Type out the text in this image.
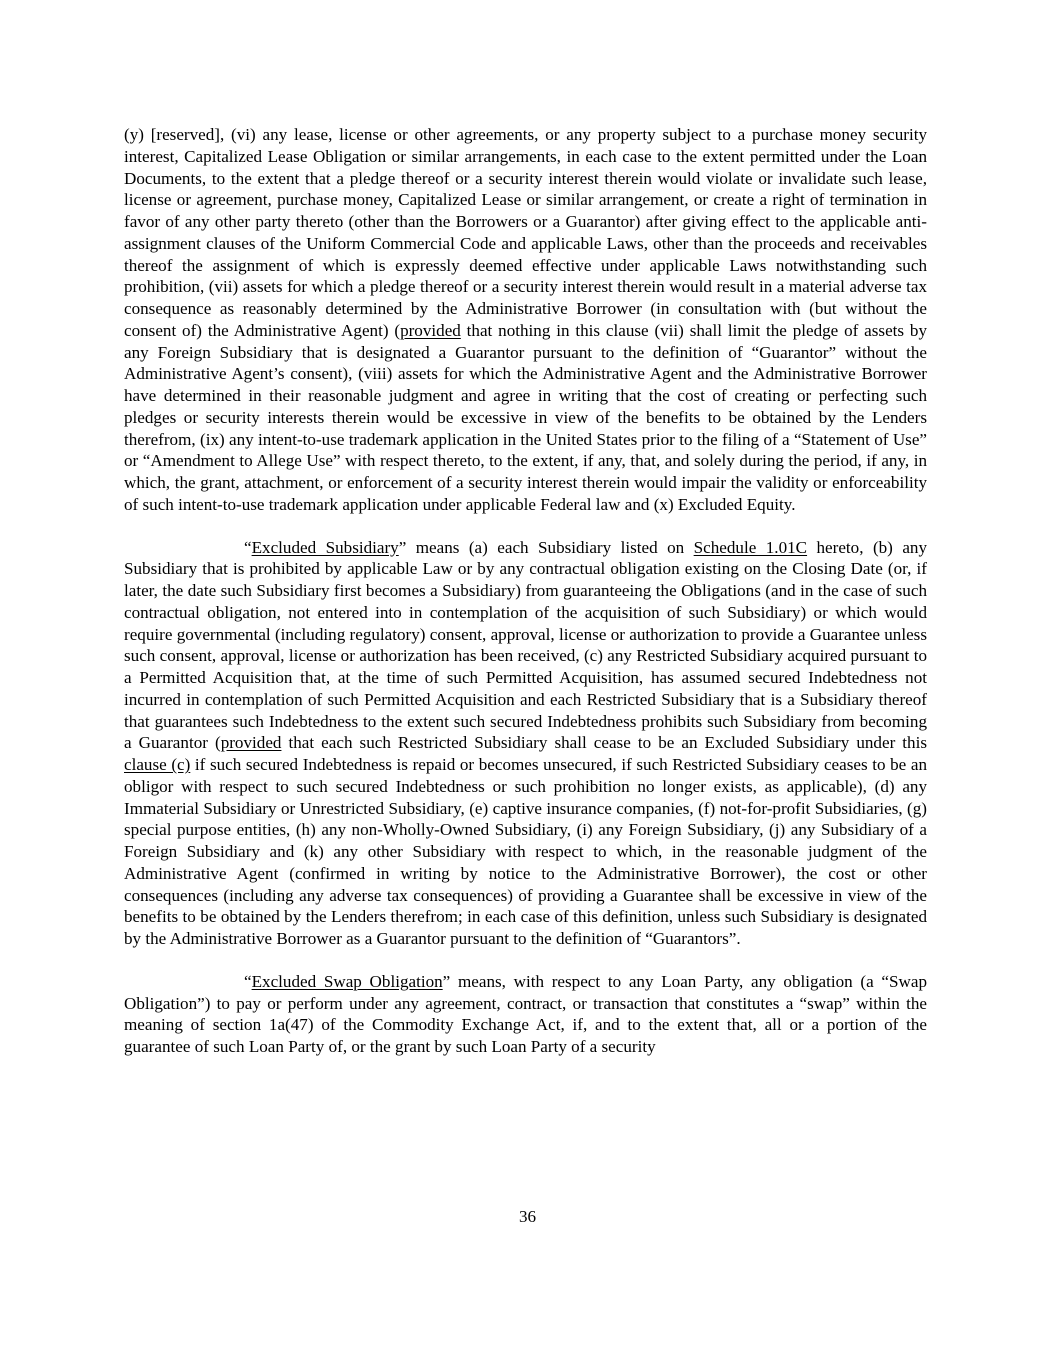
(y) [reserved], (vi) any lease, license or other agreements, or any property subject to a purchase money security interest, Capitalized Lease Obligation or similar arrangements, in each case to the extent permitted under the Loan Documents, to the extent that a pledge thereof or a security interest therein would violate or invalidate such lease, license or agreement, purchase money, Capitalized Lease or similar arrangement, or create a right of termination in favor of any other party thereto (other than the Borrowers or a Guarantor) after giving effect to the applicable anti-assignment clauses of the Uniform Commercial Code and applicable Laws, other than the proceeds and receivables thereof the assignment of which is expressly deemed effective under applicable Laws notwithstanding such prohibition, (vii) assets for which a pledge thereof or a security interest therein would result in a material adverse tax consequence as reasonably determined by the Administrative Borrower (in consultation with (but without the consent of) the Administrative Agent) (provided that nothing in this clause (vii) shall limit the pledge of assets by any Foreign Subsidiary that is designated a Guarantor pursuant to the definition of “Guarantor” without the Administrative Agent’s consent), (viii) assets for which the Administrative Agent and the Administrative Borrower have determined in their reasonable judgment and agree in writing that the cost of creating or perfecting such pledges or security interests therein would be excessive in view of the benefits to be obtained by the Lenders therefrom, (ix) any intent-to-use trademark application in the United States prior to the filing of a “Statement of Use” or “Amendment to Allege Use” with respect thereto, to the extent, if any, that, and solely during the period, if any, in which, the grant, attachment, or enforcement of a security interest therein would impair the validity or enforceability of such intent-to-use trademark application under applicable Federal law and (x) Excluded Equity.

“Excluded Subsidiary” means (a) each Subsidiary listed on Schedule 1.01C hereto, (b) any Subsidiary that is prohibited by applicable Law or by any contractual obligation existing on the Closing Date (or, if later, the date such Subsidiary first becomes a Subsidiary) from guaranteeing the Obligations (and in the case of such contractual obligation, not entered into in contemplation of the acquisition of such Subsidiary) or which would require governmental (including regulatory) consent, approval, license or authorization to provide a Guarantee unless such consent, approval, license or authorization has been received, (c) any Restricted Subsidiary acquired pursuant to a Permitted Acquisition that, at the time of such Permitted Acquisition, has assumed secured Indebtedness not incurred in contemplation of such Permitted Acquisition and each Restricted Subsidiary that is a Subsidiary thereof that guarantees such Indebtedness to the extent such secured Indebtedness prohibits such Subsidiary from becoming a Guarantor (provided that each such Restricted Subsidiary shall cease to be an Excluded Subsidiary under this clause (c) if such secured Indebtedness is repaid or becomes unsecured, if such Restricted Subsidiary ceases to be an obligor with respect to such secured Indebtedness or such prohibition no longer exists, as applicable), (d) any Immaterial Subsidiary or Unrestricted Subsidiary, (e) captive insurance companies, (f) not-for-profit Subsidiaries, (g) special purpose entities, (h) any non-Wholly-Owned Subsidiary, (i) any Foreign Subsidiary, (j) any Subsidiary of a Foreign Subsidiary and (k) any other Subsidiary with respect to which, in the reasonable judgment of the Administrative Agent (confirmed in writing by notice to the Administrative Borrower), the cost or other consequences (including any adverse tax consequences) of providing a Guarantee shall be excessive in view of the benefits to be obtained by the Lenders therefrom; in each case of this definition, unless such Subsidiary is designated by the Administrative Borrower as a Guarantor pursuant to the definition of “Guarantors”.

“Excluded Swap Obligation” means, with respect to any Loan Party, any obligation (a “Swap Obligation”) to pay or perform under any agreement, contract, or transaction that constitutes a “swap” within the meaning of section 1a(47) of the Commodity Exchange Act, if, and to the extent that, all or a portion of the guarantee of such Loan Party of, or the grant by such Loan Party of a security

36
